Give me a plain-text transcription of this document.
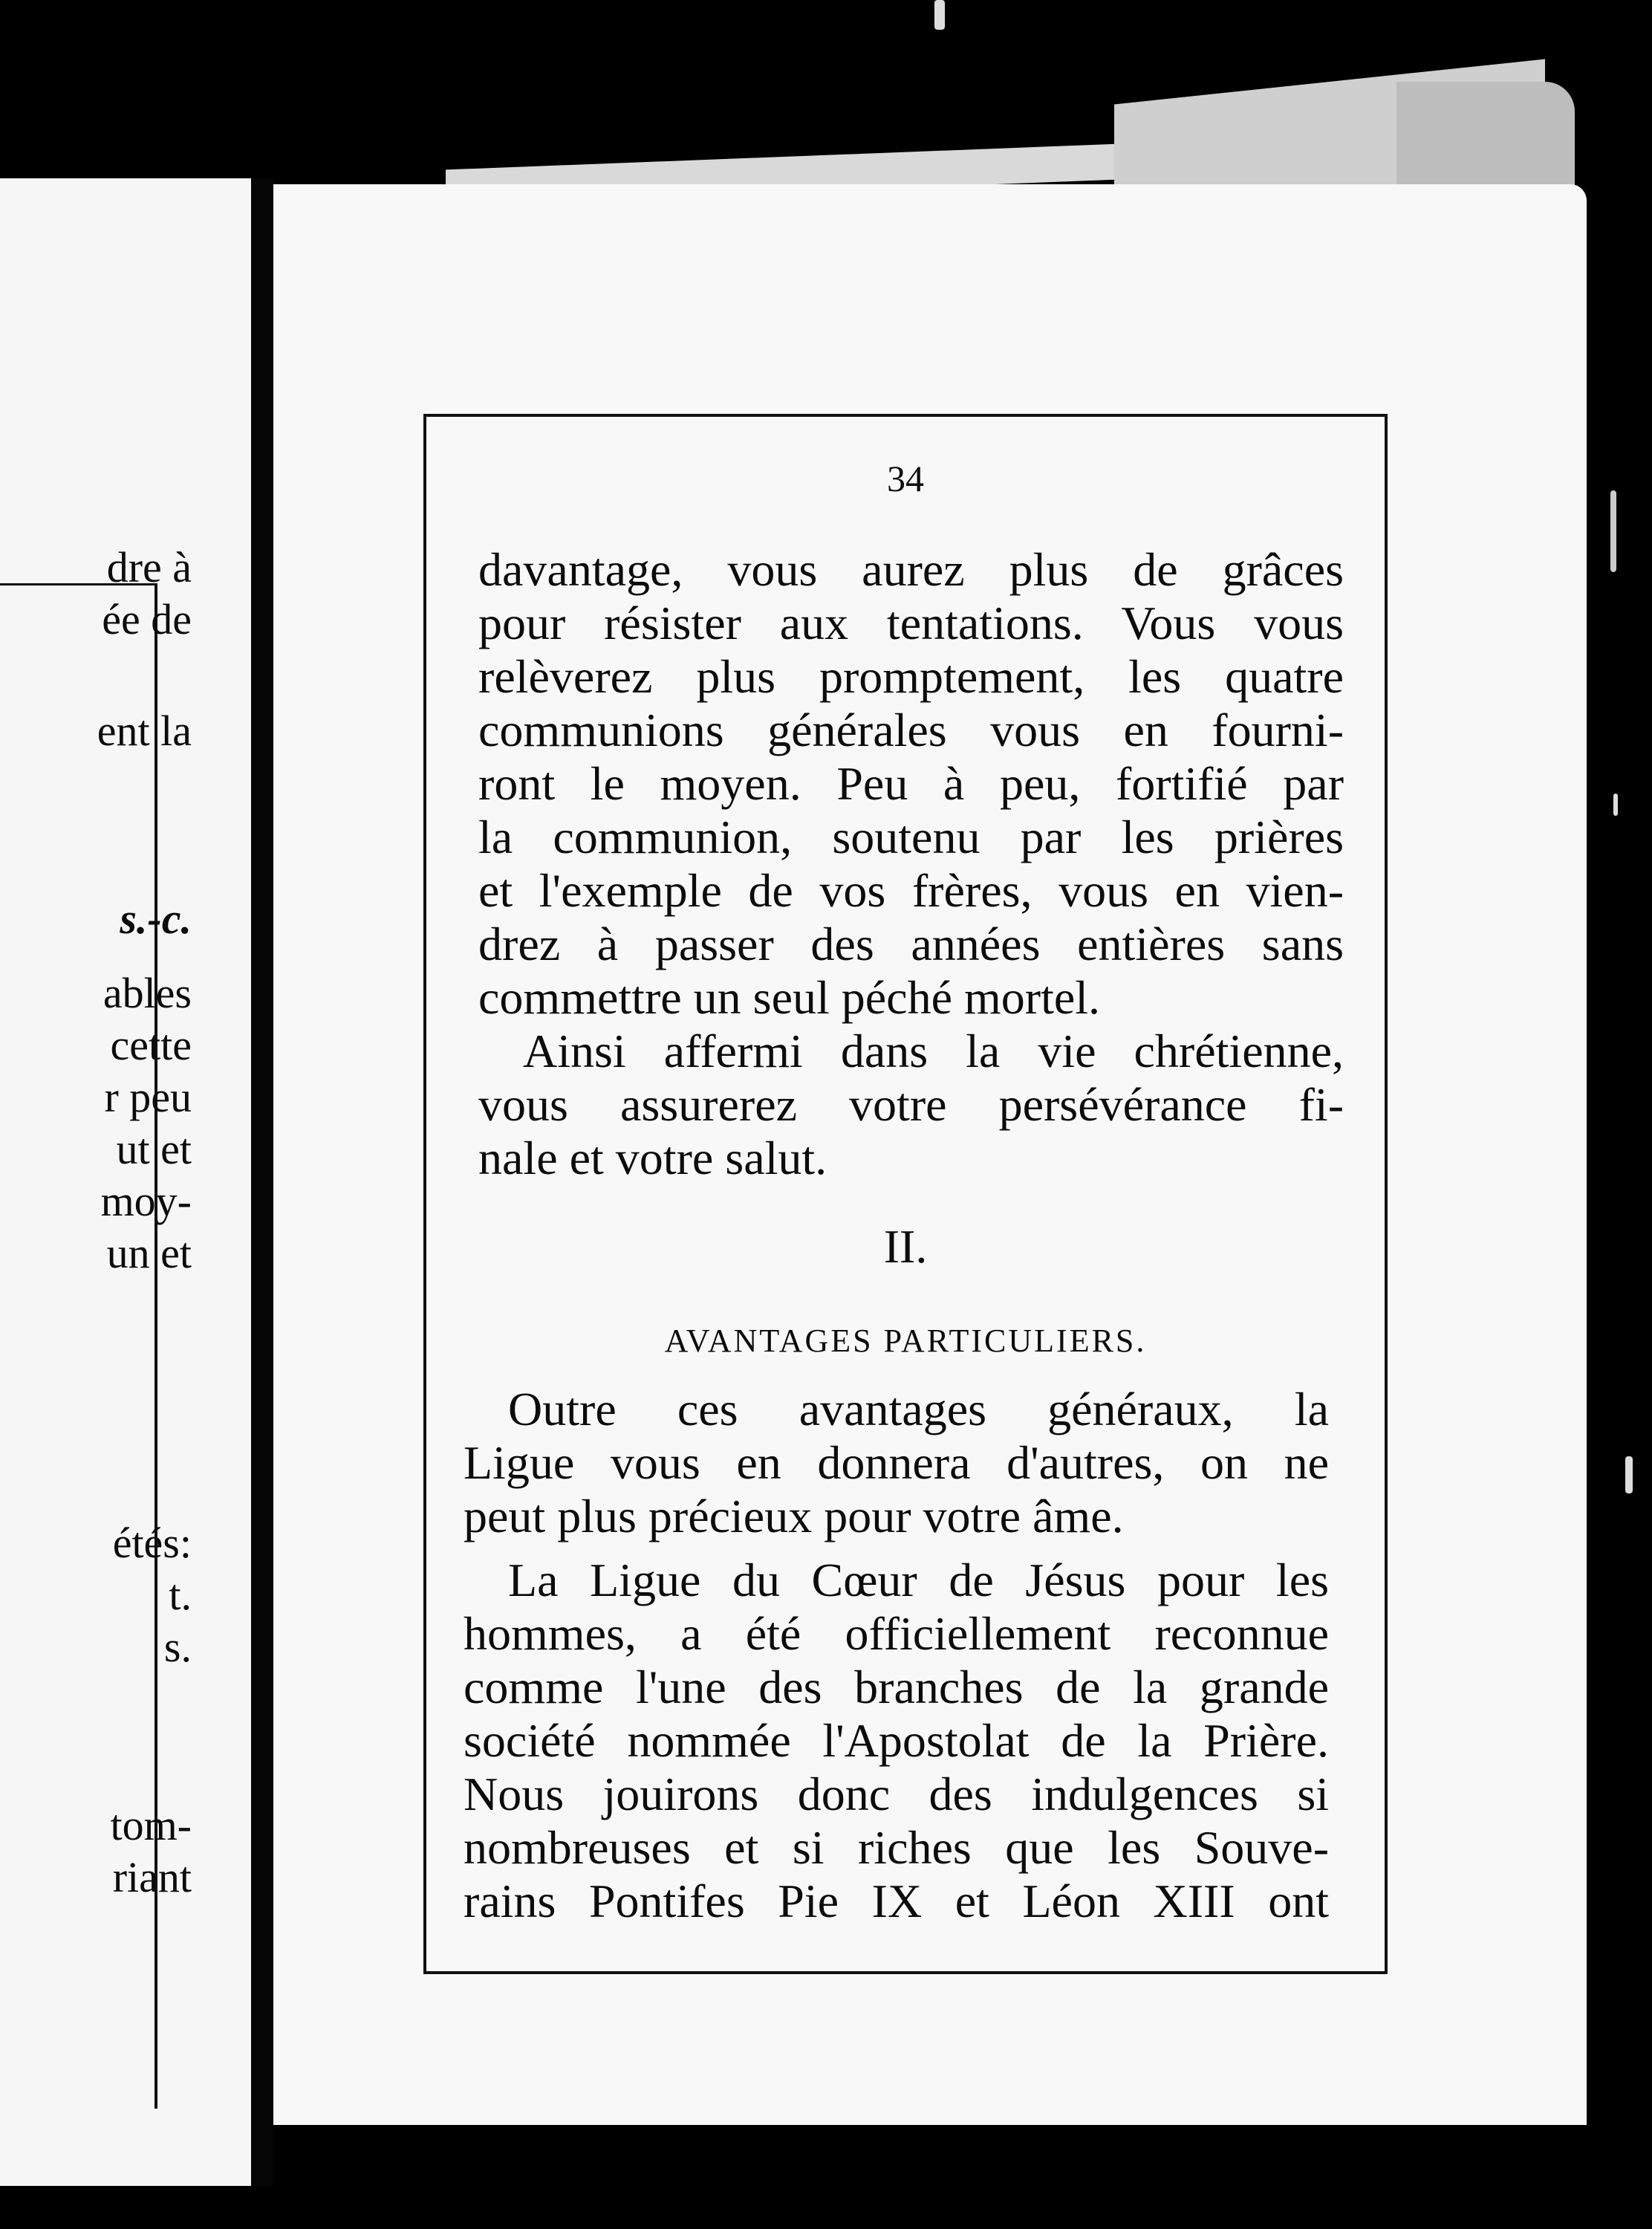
dre à
ée de
ent la
s.-c.
ables
cette
r peu
ut et
moy-
un et
étés:
t.
s.
tom-
riant
34
davantage, vous aurez plus de grâces
pour résister aux tentations. Vous vous
relèverez plus promptement, les quatre
communions générales vous en fourni-
ront le moyen. Peu à peu, fortifié par
la communion, soutenu par les prières
et l'exemple de vos frères, vous en vien-
drez à passer des années entières sans
commettre un seul péché mortel.
Ainsi affermi dans la vie chrétienne,
vous assurerez votre persévérance fi-
nale et votre salut.
II.
AVANTAGES PARTICULIERS.
Outre ces avantages généraux, la
Ligue vous en donnera d'autres, on ne
peut plus précieux pour votre âme.
La Ligue du Cœur de Jésus pour les
hommes, a été officiellement reconnue
comme l'une des branches de la grande
société nommée l'Apostolat de la Prière.
Nous jouirons donc des indulgences si
nombreuses et si riches que les Souve-
rains Pontifes Pie IX et Léon XIII ont
